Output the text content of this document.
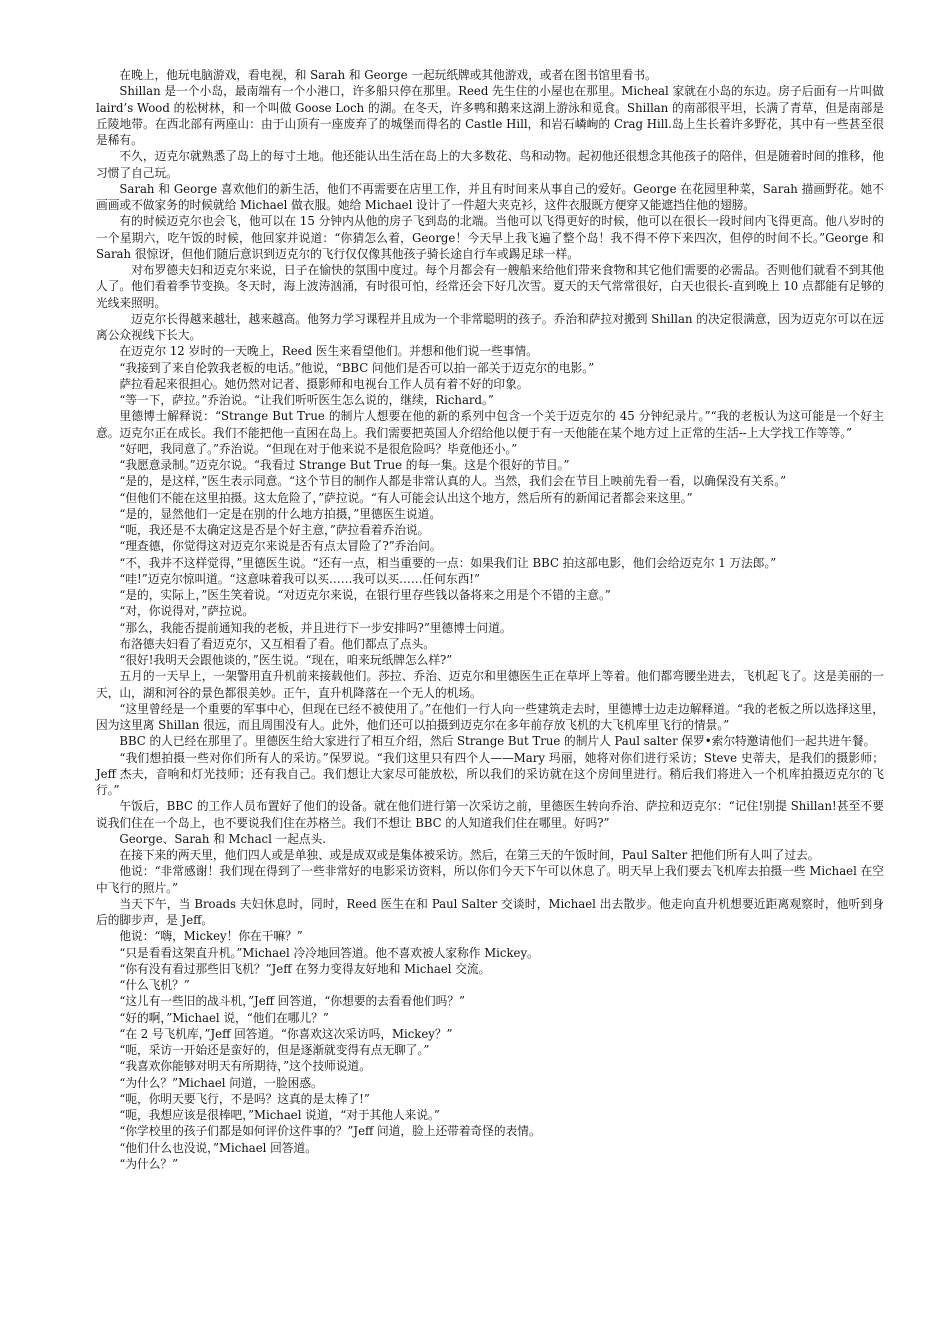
在晚上，他玩电脑游戏，看电视，和 Sarah 和 George 一起玩纸牌或其他游戏，或者在图书馆里看书。

Shillan 是一个小岛，最南端有一个小港口，许多船只停在那里。Reed 先生住的小屋也在那里。Micheal 家就在小岛的东边。房子后面有一片叫做 laird’s Wood 的松树林，和一个叫做 Goose Loch 的湖。在冬天，许多鸭和鹅来这湖上游泳和觅食。Shillan 的南部很平坦，长满了青草，但是南部是丘陵地带。在西北部有两座山：由于山顶有一座废弃了的城堡而得名的 Castle Hill，和岩石嶙峋的 Crag Hill.岛上生长着许多野花，其中有一些甚至很是稀有。

不久，迈克尔就熟悉了岛上的每寸土地。他还能认出生活在岛上的大多数花、鸟和动物。起初他还很想念其他孩子的陪伴，但是随着时间的推移，他习惯了自己玩。

Sarah 和 George 喜欢他们的新生活，他们不再需要在店里工作，并且有时间来从事自己的爱好。George 在花园里种菜，Sarah 描画野花。她不画画或不做家务的时候就给 Michael 做衣服。她给 Michael 设计了一件超大夹克衫，这件衣服既方便穿又能遮挡住他的翅膀。

有的时候迈克尔也会飞，他可以在 15 分钟内从他的房子飞到岛的北端。当他可以飞得更好的时候，他可以在很长一段时间内飞得更高。他八岁时的一个星期六，吃午饭的时候，他回家并说道：“你猜怎么着，George！今天早上我飞遍了整个岛！我不得不停下来四次，但停的时间不长。”George 和 Sarah 很惊讶，但他们随后意识到迈克尔的飞行仅仅像其他孩子骑长途自行车或踢足球一样。

对布罗德夫妇和迈克尔来说，日子在愉快的氛围中度过。每个月都会有一艘船来给他们带来食物和其它他们需要的必需品。否则他们就看不到其他人了。他们看着季节变换。冬天时，海上波涛汹涌，有时很可怕，经常还会下好几次雪。夏天的天气常常很好，白天也很长-直到晚上 10 点都能有足够的光线来照明。

迈克尔长得越来越壮，越来越高。他努力学习课程并且成为一个非常聪明的孩子。乔治和萨拉对搬到 Shillan 的决定很满意，因为迈克尔可以在远离公众视线下长大。

在迈克尔 12 岁时的一天晚上，Reed 医生来看望他们。并想和他们说一些事情。

“我接到了来自伦敦我老板的电话。”他说，“BBC 问他们是否可以拍一部关于迈克尔的电影。”

萨拉看起来很担心。她仍然对记者、摄影师和电视台工作人员有着不好的印象。

“等一下，萨拉。”乔治说。“让我们听听医生怎么说的，继续，Richard。”

里德博士解释说：“Strange But True 的制片人想要在他的新的系列中包含一个关于迈克尔的 45 分钟纪录片。”“我的老板认为这可能是一个好主意。迈克尔正在成长。我们不能把他一直困在岛上。我们需要把英国人介绍给他以便于有一天他能在某个地方过上正常的生活--上大学找工作等等。”

“好吧，我同意了。”乔治说。“但现在对于他来说不是很危险吗？毕竟他还小。”

“我愿意录制。”迈克尔说。“我看过 Strange But True 的每一集。这是个很好的节目。”

“是的，是这样，”医生表示同意。“这个节目的制作人都是非常认真的人。当然，我们会在节目上映前先看一看，以确保没有关系。”

“但他们不能在这里拍摄。这太危险了，”萨拉说。“有人可能会认出这个地方，然后所有的新闻记者都会来这里。”

“是的，显然他们一定是在别的什么地方拍摄，”里德医生说道。

“呃，我还是不太确定这是否是个好主意，”萨拉看着乔治说。

“理查德，你觉得这对迈克尔来说是否有点太冒险了?”乔治问。

“不，我并不这样觉得，”里德医生说。“还有一点，相当重要的一点：如果我们让 BBC 拍这部电影，他们会给迈克尔 1 万法郎。”

“哇!”迈克尔惊叫道。“这意味着我可以买……我可以买……任何东西!”

“是的，实际上，”医生笑着说。“对迈克尔来说，在银行里存些钱以备将来之用是个不错的主意。”

“对，你说得对，”萨拉说。

“那么，我能否提前通知我的老板，并且进行下一步安排吗?”里德博士问道。

布洛德夫妇看了看迈克尔，又互相看了看。他们都点了点头。

“很好!我明天会跟他谈的，”医生说。“现在，咱来玩纸牌怎么样?”

五月的一天早上，一架警用直升机前来接载他们。莎拉、乔治、迈克尔和里德医生正在草坪上等着。他们都弯腰坐进去，飞机起飞了。这是美丽的一天，山，湖和河谷的景色都很美妙。正午，直升机降落在一个无人的机场。

“这里曾经是一个重要的军事中心，但现在已经不被使用了。”在他们一行人向一些建筑走去时，里德博士边走边解释道。“我的老板之所以选择这里，因为这里离 Shillan 很远，而且周围没有人。此外，他们还可以拍摄到迈克尔在多年前存放飞机的大飞机库里飞行的情景。”

BBC 的人已经在那里了。里德医生给大家进行了相互介绍，然后 Strange But True 的制片人 Paul salter 保罗•索尔特邀请他们一起共进午餐。

“我们想拍摄一些对你们所有人的采访。”保罗说。“我们这里只有四个人——Mary 玛丽，她将对你们进行采访；Steve 史蒂夫，是我们的摄影师；Jeff 杰夫，音响和灯光技师；还有我自己。我们想让大家尽可能放松，所以我们的采访就在这个房间里进行。稍后我们将进入一个机库拍摄迈克尔的飞行。”

午饭后，BBC 的工作人员布置好了他们的设备。就在他们进行第一次采访之前，里德医生转向乔治、萨拉和迈克尔：“记住!别提 Shillan!甚至不要说我们住在一个岛上，也不要说我们住在苏格兰。我们不想让 BBC 的人知道我们住在哪里。好吗?”

George、Sarah 和 Mchacl 一起点头.

在接下来的两天里，他们四人或是单独、或是成双或是集体被采访。然后，在第三天的午饭时间，Paul Salter 把他们所有人叫了过去。

他说：“非常感谢！我们现在得到了一些非常好的电影采访资料，所以你们今天下午可以休息了。明天早上我们要去飞机库去拍摄一些 Michael 在空中飞行的照片。”

当天下午，当 Broads 夫妇休息时，同时，Reed 医生在和 Paul Salter 交谈时，Michael 出去散步。他走向直升机想要近距离观察时，他听到身后的脚步声，是 Jeff。

他说：“嗨，Mickey！你在干嘛？”

“只是看看这架直升机。”Michael 冷冷地回答道。他不喜欢被人家称作 Mickey。

“你有没有看过那些旧飞机？”Jeff 在努力变得友好地和 Michael 交流。

“什么飞机？”

“这儿有一些旧的战斗机，”Jeff 回答道，“你想要的去看看他们吗？”

“好的啊，”Michael 说，“他们在哪儿？”

“在 2 号飞机库，”Jeff 回答道。“你喜欢这次采访吗，Mickey？”

“呃，采访一开始还是蛮好的，但是逐渐就变得有点无聊了。”

“我喜欢你能够对明天有所期待，”这个技师说道。

“为什么？”Michael 问道，一脸困惑。

“呃，你明天要飞行，不是吗？这真的是太棒了!”

“呃，我想应该是很棒吧，”Michael 说道，“对于其他人来说。”

“你学校里的孩子们都是如何评价这件事的？”Jeff 问道，脸上还带着奇怪的表情。

“他们什么也没说，”Michael 回答道。

“为什么？”
